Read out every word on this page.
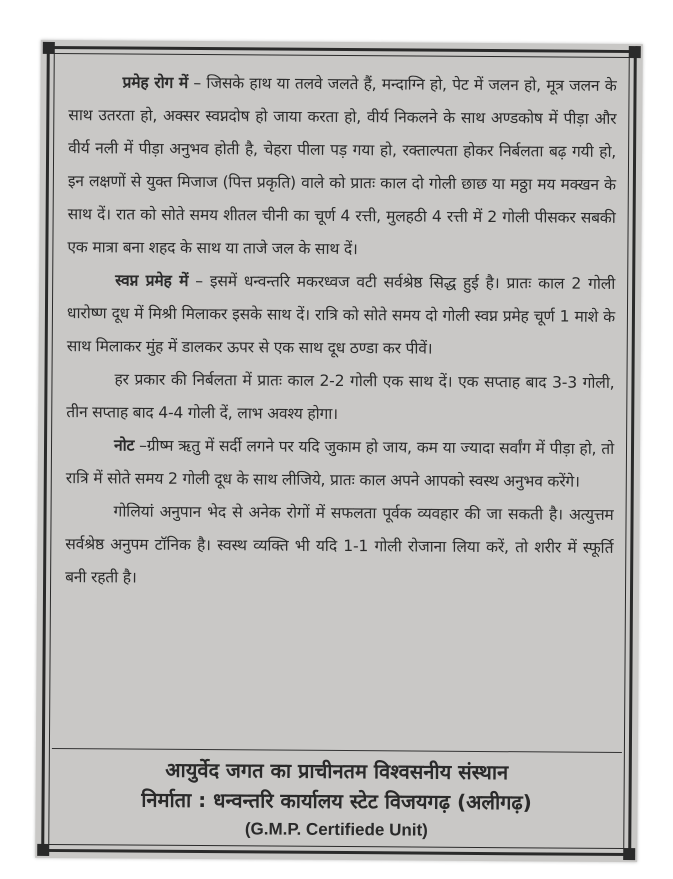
प्रमेह रोग में – जिसके हाथ या तलवे जलते हैं, मन्दाग्नि हो, पेट में जलन हो, मूत्र जलन के साथ उतरता हो, अक्सर स्वप्नदोष हो जाया करता हो, वीर्य निकलने के साथ अण्डकोष में पीड़ा और वीर्य नली में पीड़ा अनुभव होती है, चेहरा पीला पड़ गया हो, रक्ताल्पता होकर निर्बलता बढ़ गयी हो, इन लक्षणों से युक्त मिजाज (पित्त प्रकृति) वाले को प्रातः काल दो गोली छाछ या मठ्ठा मय मक्खन के साथ दें। रात को सोते समय शीतल चीनी का चूर्ण 4 रत्ती, मुलहठी 4 रत्ती में 2 गोली पीसकर सबकी एक मात्रा बना शहद के साथ या ताजे जल के साथ दें।

स्वप्न प्रमेह में – इसमें धन्वन्तरि मकरध्वज वटी सर्वश्रेष्ठ सिद्ध हुई है। प्रातः काल 2 गोली धारोष्ण दूध में मिश्री मिलाकर इसके साथ दें। रात्रि को सोते समय दो गोली स्वप्न प्रमेह चूर्ण 1 माशे के साथ मिलाकर मुंह में डालकर ऊपर से एक साथ दूध ठण्डा कर पीवें।

हर प्रकार की निर्बलता में प्रातः काल 2-2 गोली एक साथ दें। एक सप्ताह बाद 3-3 गोली, तीन सप्ताह बाद 4-4 गोली दें, लाभ अवश्य होगा।

नोट –ग्रीष्म ऋतु में सर्दी लगने पर यदि जुकाम हो जाय, कम या ज्यादा सर्वांग में पीड़ा हो, तो रात्रि में सोते समय 2 गोली दूध के साथ लीजिये, प्रातः काल अपने आपको स्वस्थ अनुभव करेंगे।

गोलियां अनुपान भेद से अनेक रोगों में सफलता पूर्वक व्यवहार की जा सकती है। अत्युत्तम सर्वश्रेष्ठ अनुपम टॉनिक है। स्वस्थ व्यक्ति भी यदि 1-1 गोली रोजाना लिया करें, तो शरीर में स्फूर्ति बनी रहती है।

आयुर्वेद जगत का प्राचीनतम विश्वसनीय संस्थान
निर्माता : धन्वन्तरि कार्यालय स्टेट विजयगढ़ (अलीगढ़)
(G.M.P. Certifiede Unit)
